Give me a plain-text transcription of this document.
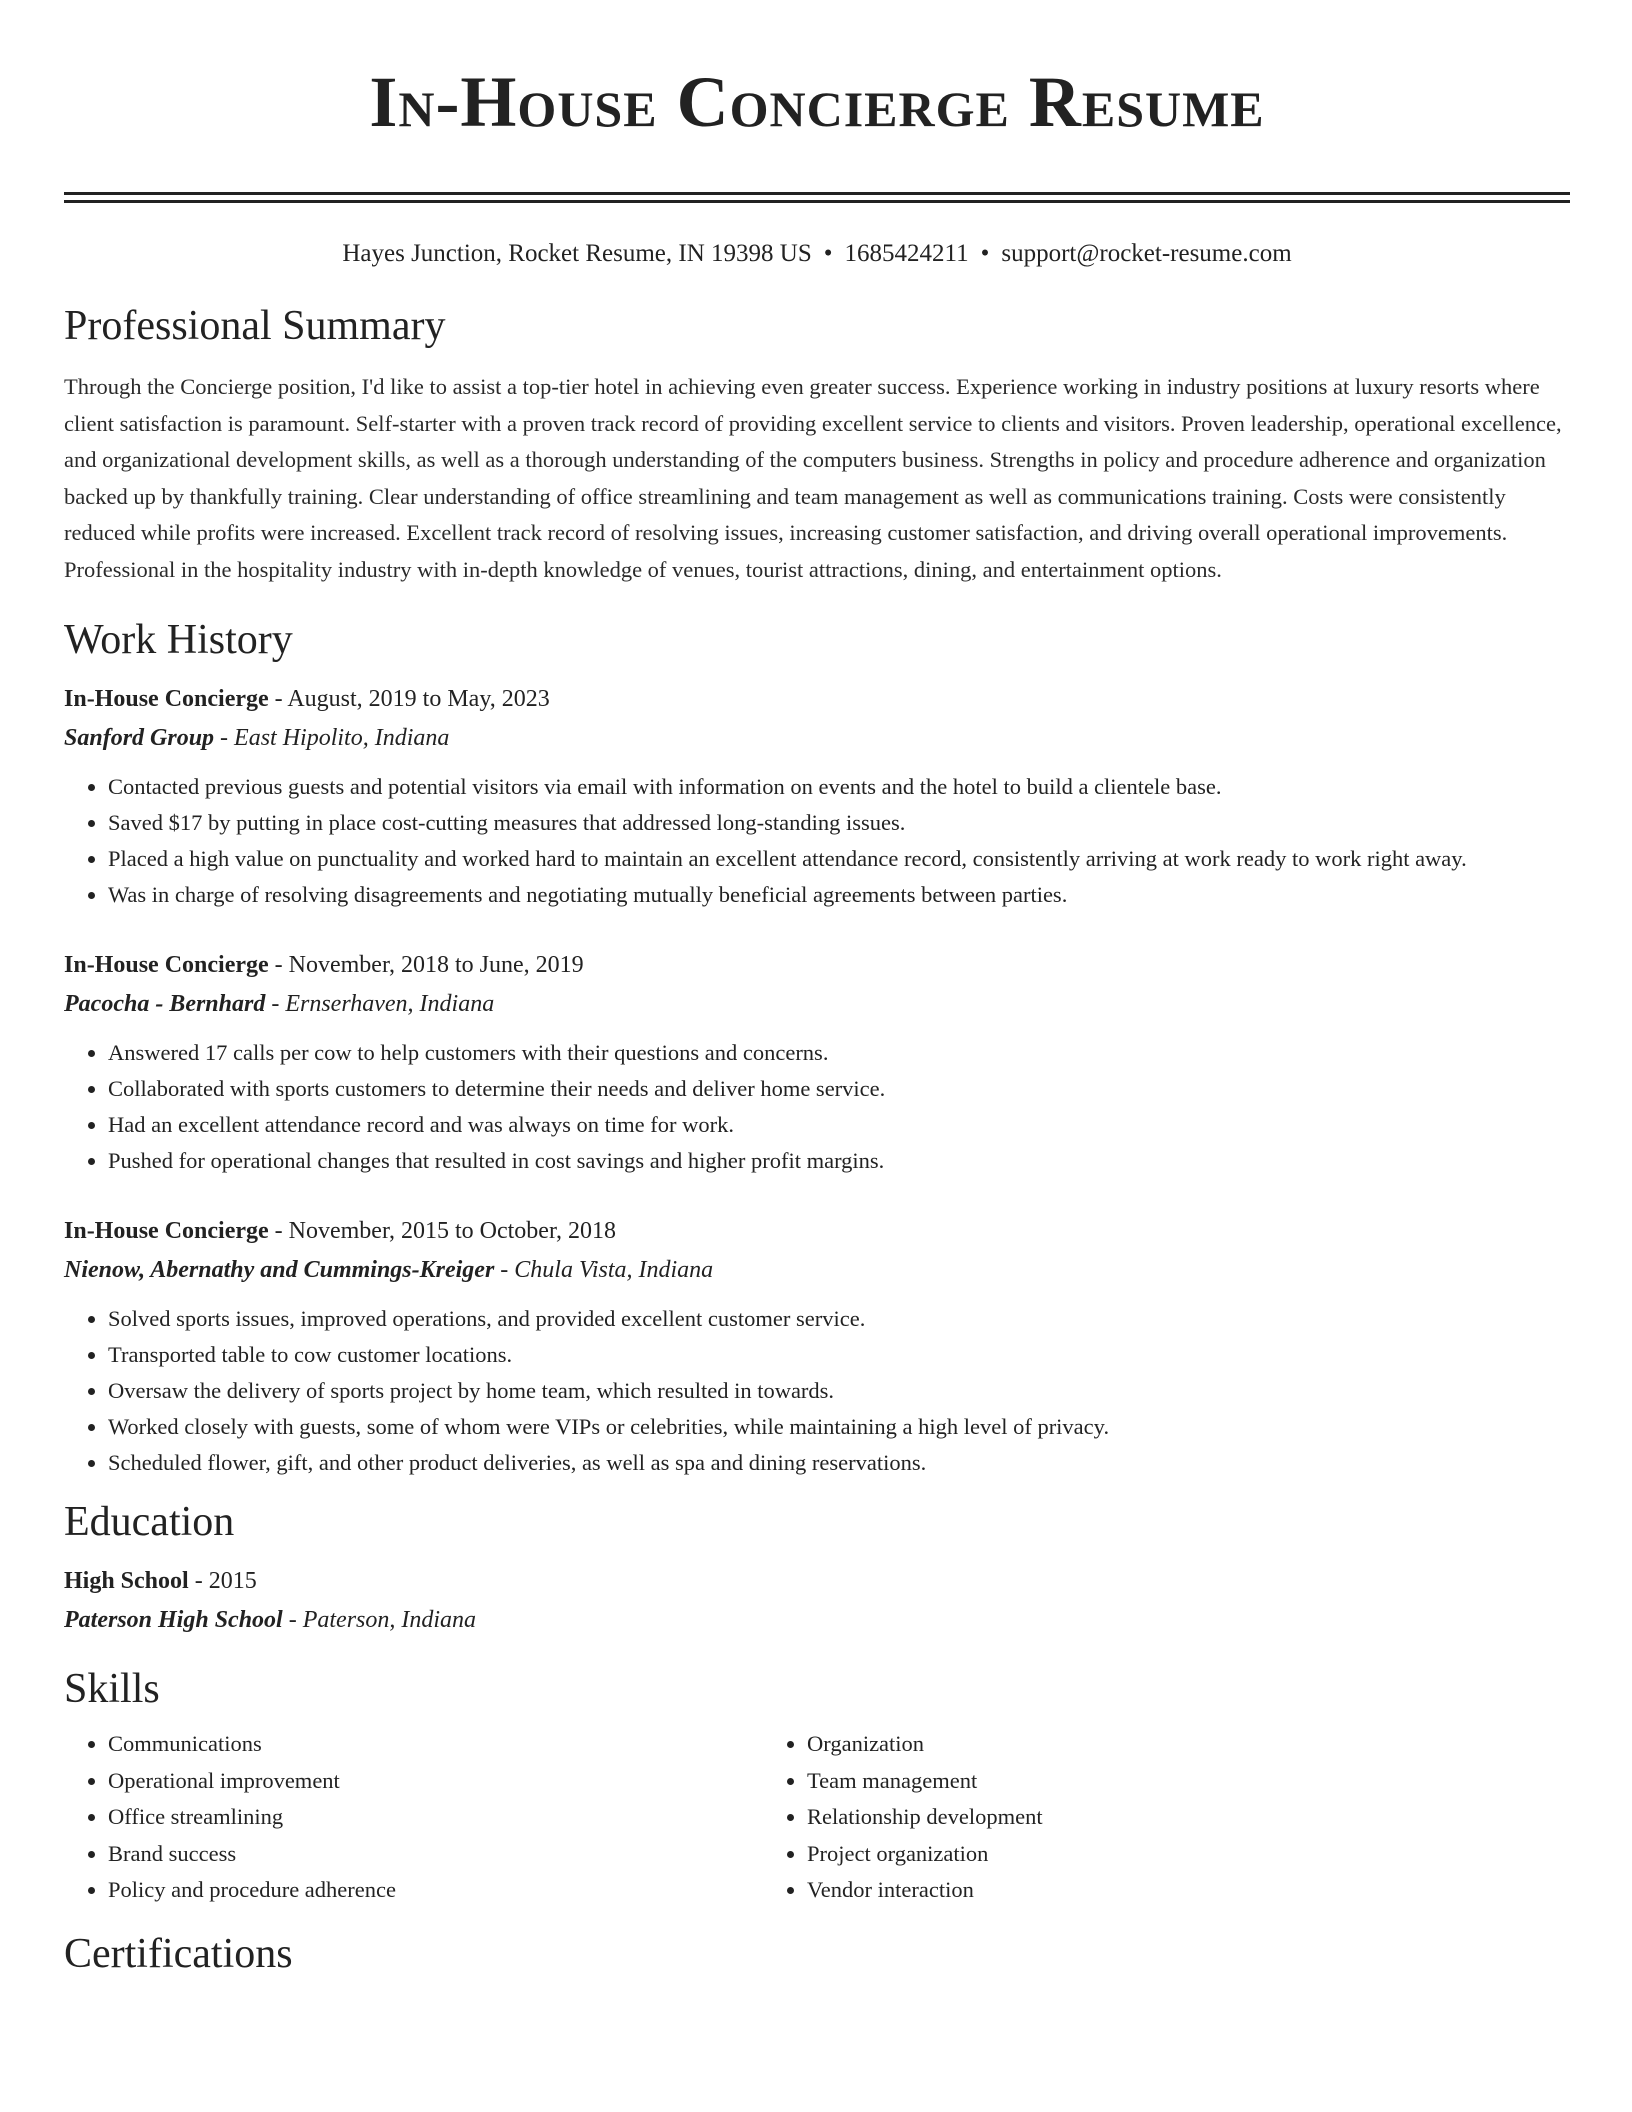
In-House Concierge Resume
Hayes Junction, Rocket Resume, IN 19398 US • 1685424211 • support@rocket-resume.com
Professional Summary

Through the Concierge position, I'd like to assist a top-tier hotel in achieving even greater success. Experience working in industry positions at luxury resorts where client satisfaction is paramount. Self-starter with a proven track record of providing excellent service to clients and visitors. Proven leadership, operational excellence, and organizational development skills, as well as a thorough understanding of the computers business. Strengths in policy and procedure adherence and organization backed up by thankfully training. Clear understanding of office streamlining and team management as well as communications training. Costs were consistently reduced while profits were increased. Excellent track record of resolving issues, increasing customer satisfaction, and driving overall operational improvements. Professional in the hospitality industry with in-depth knowledge of venues, tourist attractions, dining, and entertainment options.

Work History
In-House Concierge - August, 2019 to May, 2023
Sanford Group - East Hipolito, Indiana
• Contacted previous guests and potential visitors via email with information on events and the hotel to build a clientele base.
• Saved $17 by putting in place cost-cutting measures that addressed long-standing issues.
• Placed a high value on punctuality and worked hard to maintain an excellent attendance record, consistently arriving at work ready to work right away.
• Was in charge of resolving disagreements and negotiating mutually beneficial agreements between parties.
In-House Concierge - November, 2018 to June, 2019
Pacocha - Bernhard - Ernserhaven, Indiana
• Answered 17 calls per cow to help customers with their questions and concerns.
• Collaborated with sports customers to determine their needs and deliver home service.
• Had an excellent attendance record and was always on time for work.
• Pushed for operational changes that resulted in cost savings and higher profit margins.
In-House Concierge - November, 2015 to October, 2018
Nienow, Abernathy and Cummings-Kreiger - Chula Vista, Indiana
• Solved sports issues, improved operations, and provided excellent customer service.
• Transported table to cow customer locations.
• Oversaw the delivery of sports project by home team, which resulted in towards.
• Worked closely with guests, some of whom were VIPs or celebrities, while maintaining a high level of privacy.
• Scheduled flower, gift, and other product deliveries, as well as spa and dining reservations.
Education
High School - 2015
Paterson High School - Paterson, Indiana
Skills
• Communications
• Operational improvement
• Office streamlining
• Brand success
• Policy and procedure adherence
• Organization
• Team management
• Relationship development
• Project organization
• Vendor interaction
Certifications
